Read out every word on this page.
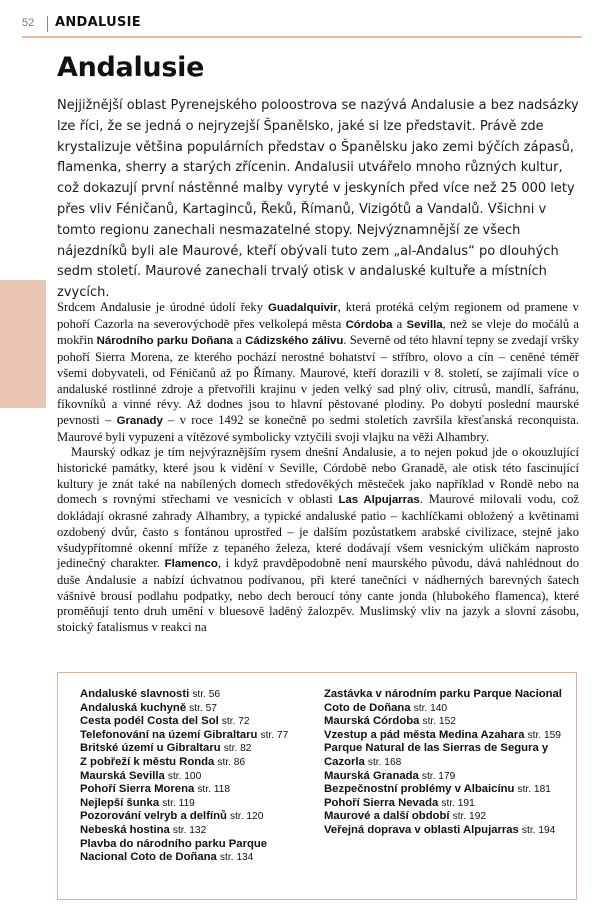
52 ANDALUSIE
Andalusie

Nejjižnější oblast Pyrenejského poloostrova se nazývá Andalusie a bez nadsázky lze říci, že se jedná o nejryzejší Španělsko, jaké si lze představit. Právě zde krystalizuje většina populárních představ o Španělsku jako zemi býčích zápasů, flamenka, sherry a starých zřícenin. Andalusii utvářelo mnoho různých kultur, což dokazují první nástěnné malby vyryté v jeskyních před více než 25 000 lety přes vliv Féničanů, Kartaginců, Řeků, Římanů, Vizigótů a Vandalů. Všichni v tomto regionu zanechali nesmazatelné stopy. Nejvýznamnější ze všech nájezdníků byli ale Maurové, kteří obývali tuto zem „al-Andalus“ po dlouhých sedm století. Maurové zanechali trvalý otisk v andaluské kultuře a místních zvycích.

Srdcem Andalusie je úrodné údolí řeky Guadalquivir, která protéká celým regionem od pramene v pohoří Cazorla na severovýchodě přes velkolepá města Córdoba a Sevilla, než se vleje do močálů a mokřin Národního parku Doñana a Cádizského zálivu. Severně od této hlavní tepny se zvedají vršky pohoří Sierra Morena, ze kterého pochází nerostné bohatství – stříbro, olovo a cín – ceněné téměř všemi dobyvateli, od Féničanů až po Římany. Maurové, kteří dorazili v 8. století, se zajímali více o andaluské rostlinné zdroje a přetvořili krajinu v jeden velký sad plný oliv, citrusů, mandlí, šafránu, fíkovníků a vinné révy. Až dodnes jsou to hlavní pěstované plodiny. Po dobytí poslední maurské pevnosti – Granady – v roce 1492 se konečně po sedmi stoletích završila křesťanská reconquista. Maurové byli vypuzeni a vítězové symbolicky vztyčili svoji vlajku na věži Alhambry.

Maurský odkaz je tím nejvýraznějším rysem dnešní Andalusie, a to nejen pokud jde o okouzlující historické památky, které jsou k vidění v Seville, Córdobě nebo Granadě, ale otisk této fascinující kultury je znát také na nabílených domech středověkých městeček jako například v Rondě nebo na domech s rovnými střechami ve vesnicích v oblasti Las Alpujarras. Maurové milovali vodu, což dokládají okrasné zahrady Alhambry, a typické andaluské patio – kachlíčkami obložený a květinami ozdobený dvůr, často s fontánou uprostřed – je dalším pozůstatkem arabské civilizace, stejně jako všudypřítomné okenní mříže z tepaného železa, které dodávají všem vesnickým uličkám naprosto jedinečný charakter. Flamenco, i když pravděpodobně není maurského původu, dává nahlédnout do duše Andalusie a nabízí úchvatnou podívanou, při které tanečníci v nádherných barevných šatech vášnivě brousí podlahu podpatky, nebo dech beroucí tóny cante jonda (hlubokého flamenca), které proměňují tento druh umění v bluesově laděný žalozpěv. Muslimský vliv na jazyk a slovní zásobu, stoický fatalismus v reakci na

Andaluské slavnosti str. 56

Andaluská kuchyně str. 57

Cesta podél Costa del Sol str. 72

Telefonování na území Gibraltaru str. 77

Britské území u Gibraltaru str. 82

Z pobřeží k městu Ronda str. 86

Maurská Sevilla str. 100

Pohoří Sierra Morena str. 118

Nejlepší šunka str. 119

Pozorování velryb a delfínů str. 120

Nebeská hostina str. 132

Plavba do národního parku Parque Nacional Coto de Doñana str. 134

Zastávka v národním parku Parque Nacional Coto de Doñana str. 140

Maurská Córdoba str. 152

Vzestup a pád města Medina Azahara str. 159

Parque Natural de las Sierras de Segura y Cazorla str. 168

Maurská Granada str. 179

Bezpečnostní problémy v Albaicínu str. 181

Pohoří Sierra Nevada str. 191

Maurové a další období str. 192

Veřejná doprava v oblasti Alpujarras str. 194
